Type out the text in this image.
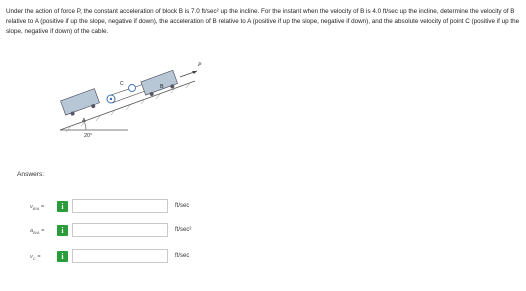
Under the action of force P, the constant acceleration of block B is 7.0 ft/sec² up the incline. For the instant when the velocity of B is 4.0 ft/sec up the incline, determine the velocity of B relative to A (positive if up the slope, negative if down), the acceleration of B relative to A (positive if up the slope, negative if down), and the absolute velocity of point C (positive if up the slope, negative if down) of the cable.
20°
A
C	B
P
Answers:
$v_{B/A}$ =	i	ft/sec
$a_{B/A}$ =	i	ft/sec²
$v_C$ =	i	ft/sec
